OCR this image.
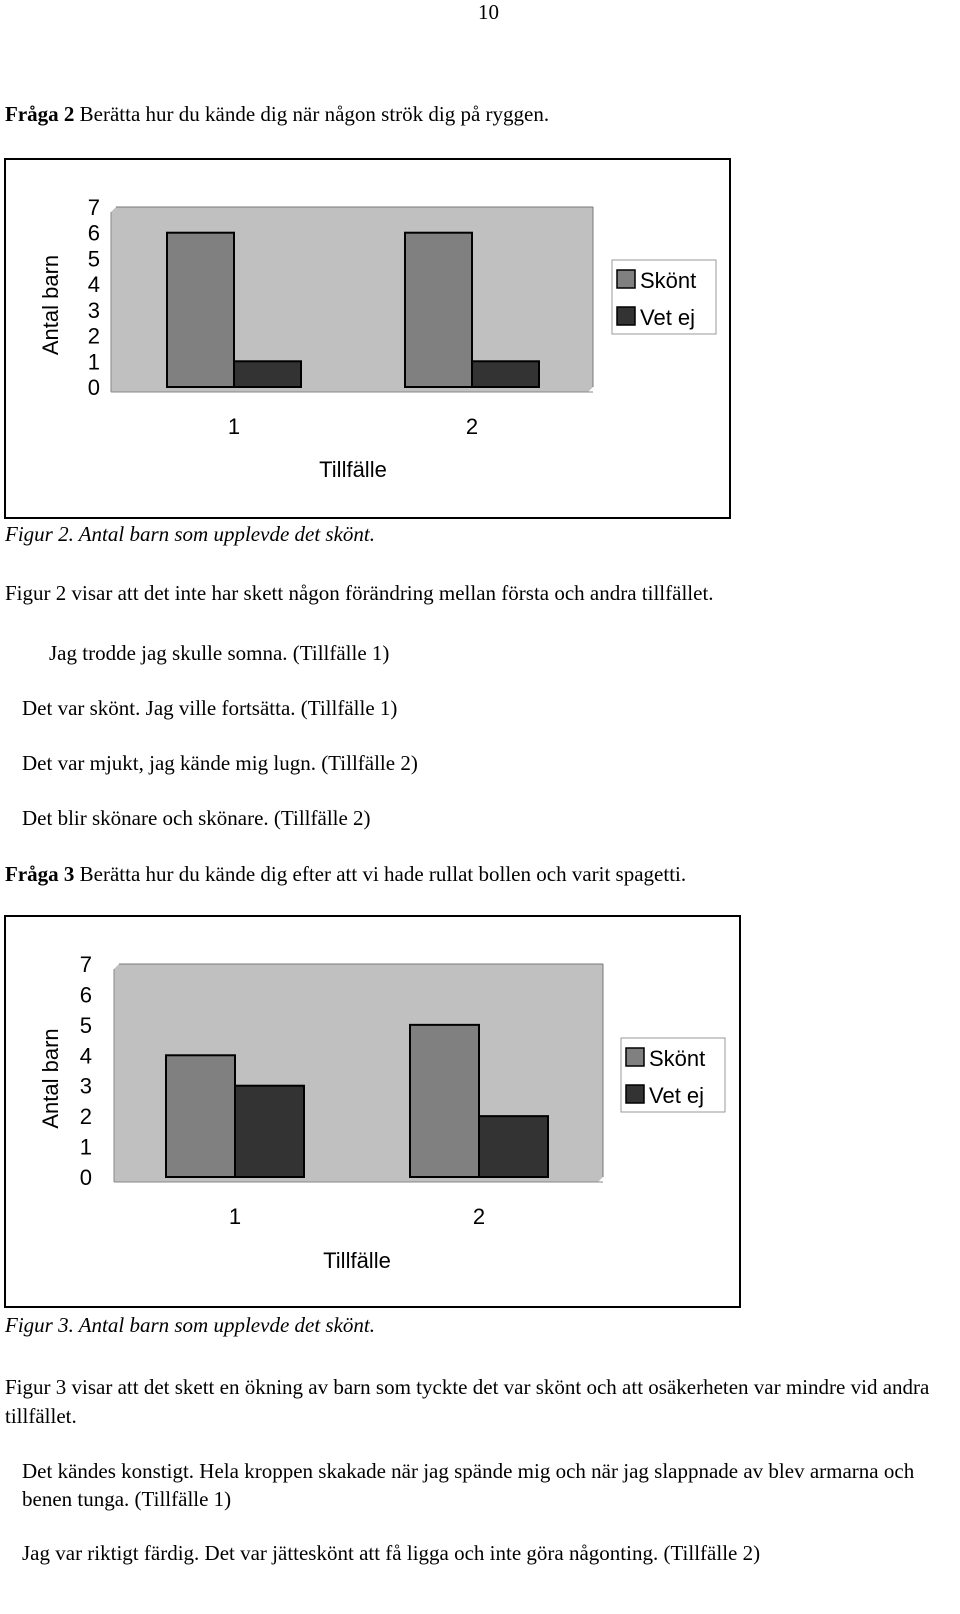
10
Fråga 2 Berätta hur du kände dig när någon strök dig på ryggen.
0
1
2
3
4
5
6
7
Antal barn
1	2
Tillfälle
Skönt
Vet ej
Figur 2. Antal barn som upplevde det skönt.
Figur 2 visar att det inte har skett någon förändring mellan första och andra tillfället.
Jag trodde jag skulle somna. (Tillfälle 1)
Det var skönt. Jag ville fortsätta. (Tillfälle 1)
Det var mjukt, jag kände mig lugn. (Tillfälle 2)
Det blir skönare och skönare. (Tillfälle 2)
Fråga 3 Berätta hur du kände dig efter att vi hade rullat bollen och varit spagetti.
0
1
2
3
4
5
6
7
Antal barn
1	2
Tillfälle
Skönt
Vet ej
Figur 3. Antal barn som upplevde det skönt.
Figur 3 visar att det skett en ökning av barn som tyckte det var skönt och att osäkerheten var mindre vid andra tillfället.
Det kändes konstigt. Hela kroppen skakade när jag spände mig och när jag slappnade av blev armarna och benen tunga. (Tillfälle 1)
Jag var riktigt färdig. Det var jätteskönt att få ligga och inte göra någonting. (Tillfälle 2)
